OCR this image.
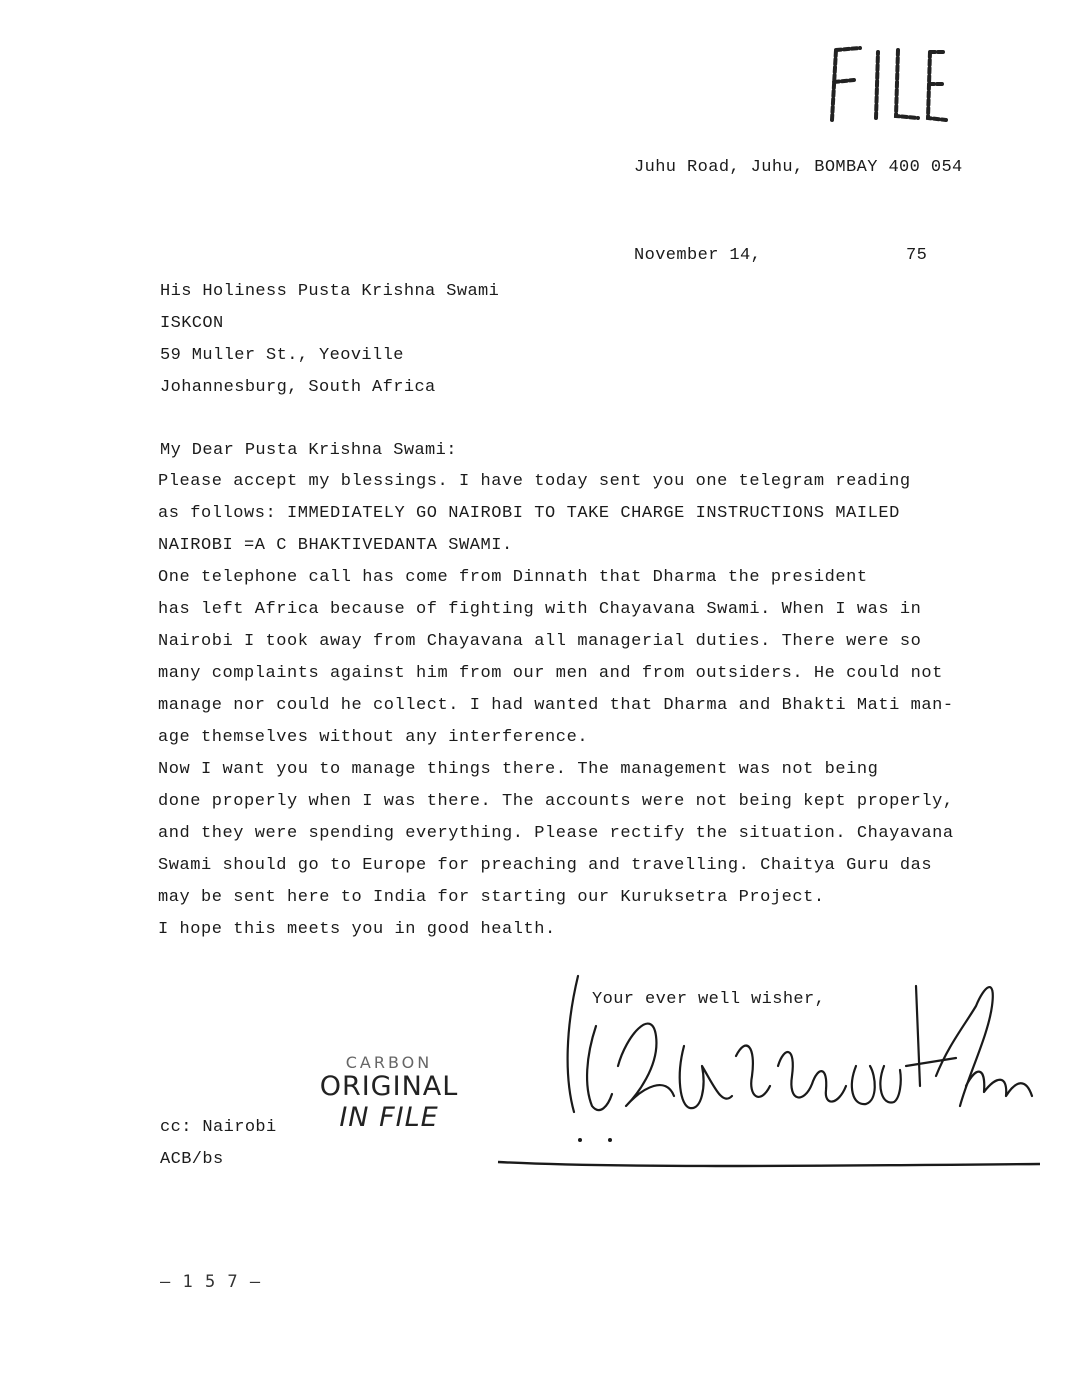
Juhu Road, Juhu, BOMBAY 400 054
November 14,	75
His Holiness Pusta Krishna Swami
ISKCON
59 Muller St., Yeoville
Johannesburg, South Africa
My Dear Pusta Krishna Swami:
Please accept my blessings. I have today sent you one telegram reading
as follows: IMMEDIATELY GO NAIROBI TO TAKE CHARGE INSTRUCTIONS MAILED
NAIROBI =A C BHAKTIVEDANTA SWAMI.
One telephone call has come from Dinnath that Dharma the president
has left Africa because of fighting with Chayavana Swami. When I was in
Nairobi I took away from Chayavana all managerial duties. There were so
many complaints against him from our men and from outsiders. He could not
manage nor could he collect. I had wanted that Dharma and Bhakti Mati man-
age themselves without any interference.
Now I want you to manage things there. The management was not being
done properly when I was there. The accounts were not being kept properly,
and they were spending everything. Please rectify the situation. Chayavana
Swami should go to Europe for preaching and travelling. Chaitya Guru das
may be sent here to India for starting our Kuruksetra Project.
I hope this meets you in good health.
Your ever well wisher,
CARBON
ORIGINAL
IN FILE
cc: Nairobi
ACB/bs
— 1 5 7 —
